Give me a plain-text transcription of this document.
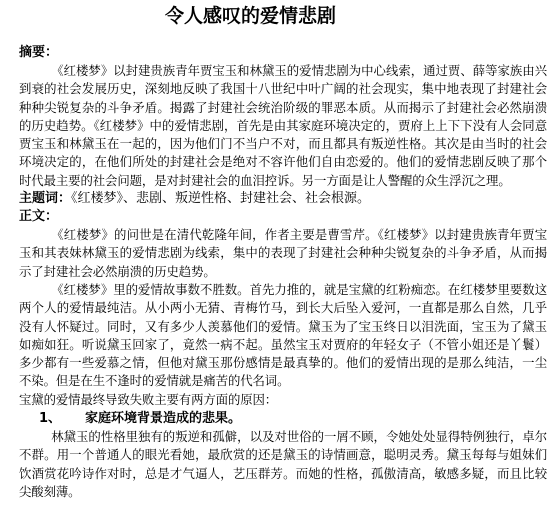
令人感叹的爱情悲剧

摘要：

《红楼梦》以封建贵族青年贾宝玉和林黛玉的爱情悲剧为中心线索，通过贾、薛等家族由兴到衰的社会发展历史，深刻地反映了我国十八世纪中叶广阔的社会现实，集中地表现了封建社会种种尖锐复杂的斗争矛盾。揭露了封建社会统治阶级的罪恶本质。从而揭示了封建社会必然崩溃的历史趋势。《红楼梦》中的爱情悲剧，首先是由其家庭环境决定的，贾府上上下下没有人会同意贾宝玉和林黛玉在一起的，因为他们门不当户不对，而且都具有叛逆性格。其次是由当时的社会环境决定的，在他们所处的封建社会是绝对不容许他们自由恋爱的。他们的爱情悲剧反映了那个时代最主要的社会问题，是对封建社会的血泪控诉。另一方面是让人警醒的众生浮沉之理。

主题词：《红楼梦》、悲剧、叛逆性格、封建社会、社会根源。

正文：

《红楼梦》的问世是在清代乾隆年间，作者主要是曹雪芹。《红楼梦》以封建贵族青年贾宝玉和其表妹林黛玉的爱情悲剧为线索，集中的表现了封建社会种种尖锐复杂的斗争矛盾，从而揭示了封建社会必然崩溃的历史趋势。

《红楼梦》里的爱情故事数不胜数。首先力推的，就是宝黛的红粉痴恋。在红楼梦里要数这两个人的爱情最纯洁。从小两小无猜、青梅竹马，到长大后坠入爱河，一直都是那么自然，几乎没有人怀疑过。同时，又有多少人羡慕他们的爱情。黛玉为了宝玉终日以泪洗面，宝玉为了黛玉如痴如狂。听说黛玉回家了，竟然一病不起。虽然宝玉对贾府的年轻女子（不管小姐还是丫鬟）多少都有一些爱慕之情，但他对黛玉那份感情是最真挚的。他们的爱情出现的是那么纯洁，一尘不染。但是在生不逢时的爱情就是痛苦的代名词。

宝黛的爱情最终导致失败主要有两方面的原因：

1、 家庭环境背景造成的悲果。

林黛玉的性格里独有的叛逆和孤僻，以及对世俗的一屑不顾，令她处处显得特例独行，卓尔不群。用一个普通人的眼光看她，最欣赏的还是黛玉的诗情画意，聪明灵秀。黛玉每每与姐妹们饮酒赏花吟诗作对时，总是才气逼人，艺压群芳。而她的性格，孤傲清高，敏感多疑，而且比较尖酸刻薄。
